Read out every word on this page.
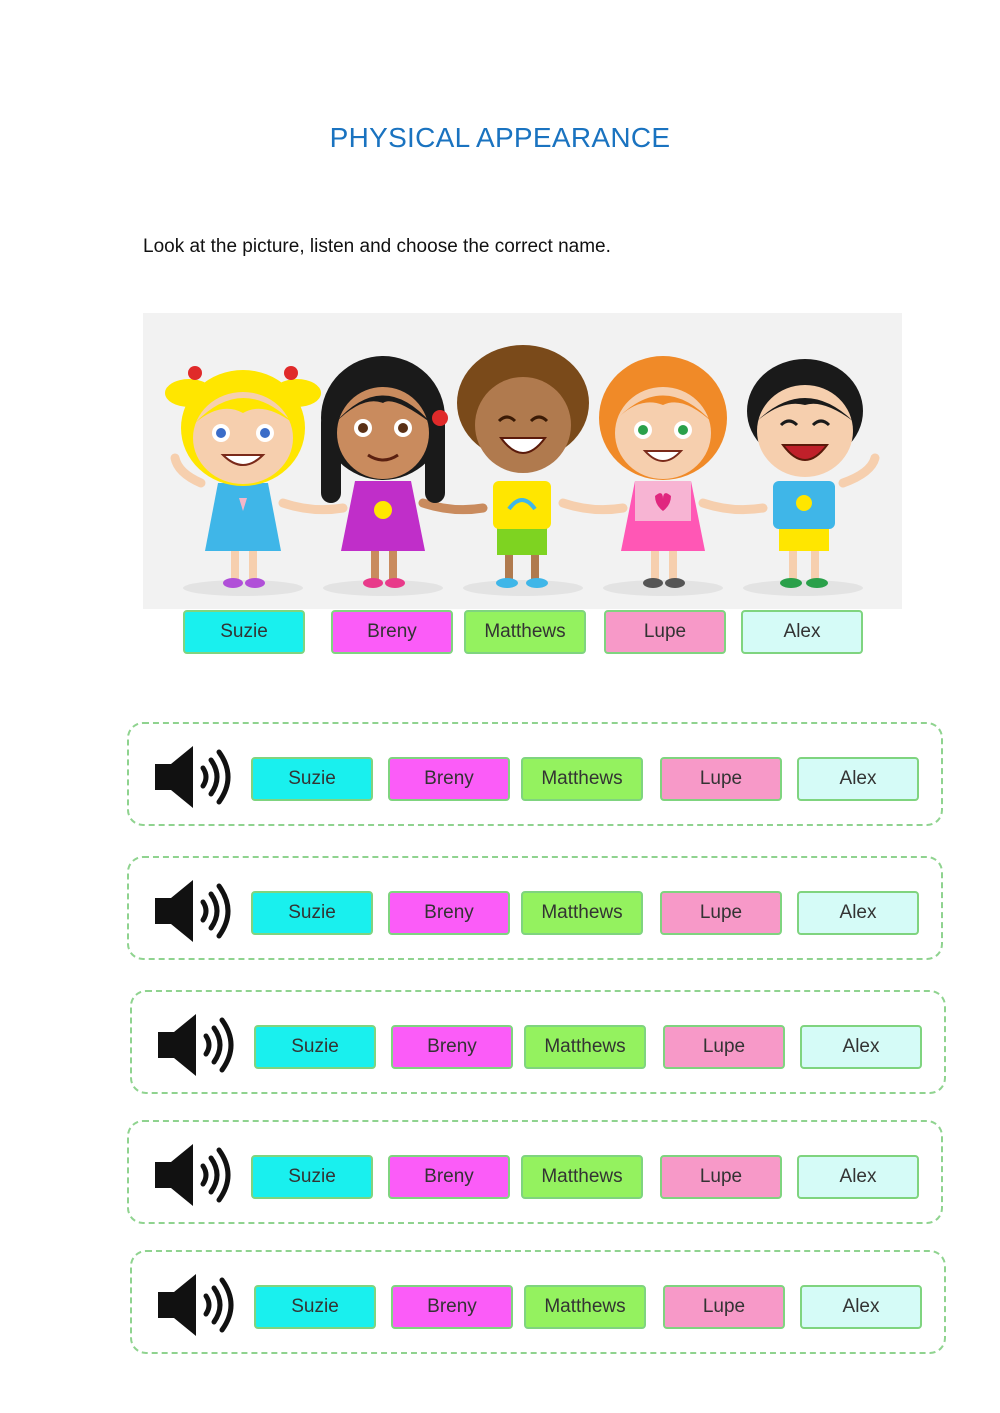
PHYSICAL APPEARANCE
Look at the picture, listen and choose the correct name.
Suzie	Breny	Matthews	Lupe	Alex
Suzie	Breny	Matthews	Lupe	Alex
Suzie	Breny	Matthews	Lupe	Alex
Suzie	Breny	Matthews	Lupe	Alex
Suzie	Breny	Matthews	Lupe	Alex
Suzie	Breny	Matthews	Lupe	Alex
